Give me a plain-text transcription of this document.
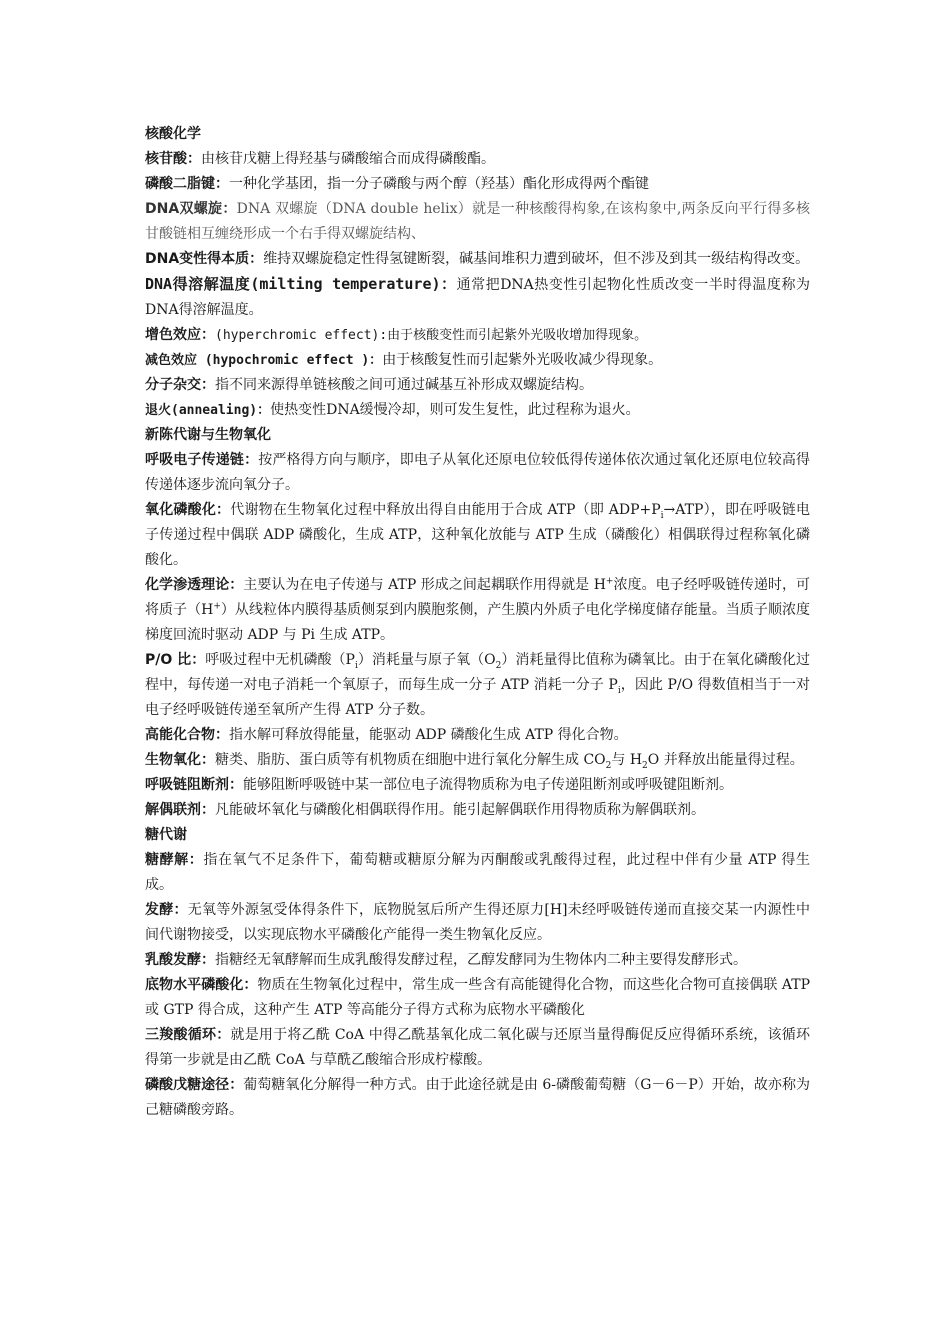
核酸化学
核苷酸：由核苷戊糖上得羟基与磷酸缩合而成得磷酸酯。
磷酸二脂键：一种化学基团，指一分子磷酸与两个醇（羟基）酯化形成得两个酯键
DNA双螺旋：DNA 双螺旋（DNA double helix）就是一种核酸得构象,在该构象中,两条反向平行得多核甘酸链相互缠绕形成一个右手得双螺旋结构、
DNA变性得本质：维持双螺旋稳定性得氢键断裂，碱基间堆积力遭到破坏，但不涉及到其一级结构得改变。
DNA得溶解温度(milting temperature)：通常把DNA热变性引起物化性质改变一半时得温度称为DNA得溶解温度。
增色效应：(hyperchromic effect):由于核酸变性而引起紫外光吸收增加得现象。
减色效应 (hypochromic effect )：由于核酸复性而引起紫外光吸收减少得现象。
分子杂交：指不同来源得单链核酸之间可通过碱基互补形成双螺旋结构。
退火(annealing)：使热变性DNA缓慢冷却，则可发生复性，此过程称为退火。
新陈代谢与生物氧化
呼吸电子传递链：按严格得方向与顺序，即电子从氧化还原电位较低得传递体依次通过氧化还原电位较高得传递体逐步流向氧分子。
氧化磷酸化：代谢物在生物氧化过程中释放出得自由能用于合成 ATP（即 $ADP+P_i\to ATP$），即在呼吸链电子传递过程中偶联 ADP 磷酸化，生成 ATP，这种氧化放能与 ATP 生成（磷酸化）相偶联得过程称氧化磷酸化。
化学渗透理论：主要认为在电子传递与 ATP 形成之间起耦联作用得就是 H+浓度。电子经呼吸链传递时，可将质子（H+）从线粒体内膜得基质侧泵到内膜胞浆侧，产生膜内外质子电化学梯度储存能量。当质子顺浓度梯度回流时驱动 ADP 与 Pi 生成 ATP。
P/O 比：呼吸过程中无机磷酸$(P_i)$消耗量与原子氧$(O_2)$消耗量得比值称为磷氧比。由于在氧化磷酸化过程中，每传递一对电子消耗一个氧原子，而每生成一分子 ATP 消耗一分子 $P_i$，因此 P/O 得数值相当于一对电子经呼吸链传递至氧所产生得 ATP 分子数。
高能化合物：指水解可释放得能量，能驱动 ADP 磷酸化生成 ATP 得化合物。
生物氧化：糖类、脂肪、蛋白质等有机物质在细胞中进行氧化分解生成 $CO_2$与 $H_2O$ 并释放出能量得过程。
呼吸链阻断剂：能够阻断呼吸链中某一部位电子流得物质称为电子传递阻断剂或呼吸键阻断剂。
解偶联剂：凡能破坏氧化与磷酸化相偶联得作用。能引起解偶联作用得物质称为解偶联剂。
糖代谢
糖酵解：指在氧气不足条件下，葡萄糖或糖原分解为丙酮酸或乳酸得过程，此过程中伴有少量 ATP 得生成。
发酵：无氧等外源氢受体得条件下，底物脱氢后所产生得还原力[H]未经呼吸链传递而直接交某一内源性中间代谢物接受，以实现底物水平磷酸化产能得一类生物氧化反应。
乳酸发酵：指糖经无氧酵解而生成乳酸得发酵过程，乙醇发酵同为生物体内二种主要得发酵形式。
底物水平磷酸化：物质在生物氧化过程中，常生成一些含有高能键得化合物，而这些化合物可直接偶联 ATP 或 GTP 得合成，这种产生 ATP 等高能分子得方式称为底物水平磷酸化
三羧酸循环：就是用于将乙酰 CoA 中得乙酰基氧化成二氧化碳与还原当量得酶促反应得循环系统，该循环得第一步就是由乙酰 CoA 与草酰乙酸缩合形成柠檬酸。
磷酸戊糖途径：葡萄糖氧化分解得一种方式。由于此途径就是由 6-磷酸葡萄糖（G－6－P）开始，故亦称为己糖磷酸旁路。
